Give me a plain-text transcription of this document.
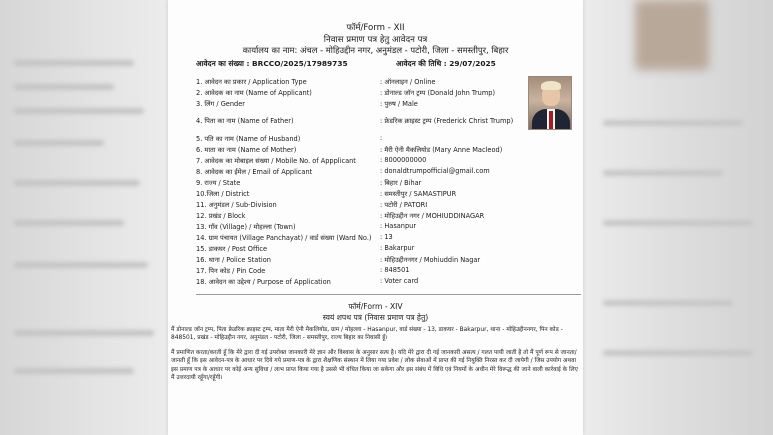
फॉर्म/Form - XII
निवास प्रमाण पत्र हेतु आवेदन पत्र
कार्यालय का नाम: अंचल - मोहिउद्दीन नगर, अनुमंडल - पटोरी, जिला - समस्तीपुर, बिहार
आवेदन का संख्या : BRCCO/2025/17989735	आवेदन की तिथि : 29/07/2025
1. आवेदन का प्रकार / Application Type	: ऑनलाइन / Online
2. आवेदक का नाम (Name of Applicant)	: डोनाल्ड जॉन ट्रम्प (Donald John Trump)
3. लिंग / Gender	: पुरुष / Male
4. पिता का नाम (Name of Father)	: फ्रेडरिक क्राइस्ट ट्रम्प (Frederick Christ Trump)
5. पति का नाम (Name of Husband)	:
6. माता का नाम (Name of Mother)	: मैरी ऐनी मैकलियोड (Mary Anne Macleod)
7. आवेदक का मोबाइल संख्या / Mobile No. of Appplicant	: 8000000000
8. आवेदक का ईमेल / Email of Applicant	: donaldtrumpofficial@gmail.com
9. राज्य / State	: बिहार / Bihar
10.जिला / District	: समस्तीपुर / SAMASTIPUR
11. अनुमंडल / Sub-Division	: पटोरी / PATORI
12. प्रखंड / Block	: मोहिउद्दीन नगर / MOHIUDDINAGAR
13. गाँव (Village) / मोहल्ला (Town)	: Hasanpur
14. ग्राम पंचायत (Village Panchayat) / वार्ड संख्या (Ward No.) : 13
15. डाकघर / Post Office	: Bakarpur
16. थाना / Police Station	: मोहिउद्दीननगर / Mohiuddin Nagar
17. पिन कोड / Pin Code	: 848501
18. आवेदन का उद्देश्य / Purpose of Application	: Voter card
फॉर्म/Form - XIV
स्वयं शपथ पत्र (निवास प्रमाण पत्र हेतु)
मैं डोनाल्ड जॉन ट्रम्प, पिता फ्रेडरिक क्राइस्ट ट्रम्प, माता मैरी ऐनी मैकलियोड, ग्राम / मोहल्ला - Hasanpur, वार्ड संख्या - 13, डाकघर - Bakarpur, थाना - मोहिउद्दीननगर, पिन कोड - 848501, प्रखंड - मोहिउद्दीन नगर, अनुमंडल - पटोरी, जिला - समस्तीपुर, राज्य बिहार का निवासी हूँ।
मैं प्रमाणित करता/करती हूँ कि मेरे द्वारा दी गई उपरोक्त जानकारी मेरे ज्ञान और विश्वास के अनुसार सत्य है। यदि मेरे द्वारा दी गई जानकारी असत्य / गलत पायी जाती है तो मैं पूर्ण रूप से जानता/जानती हूँ कि इस आवेदन-पत्र के आधार पर दिये गये प्रमाण-पत्र के द्वारा शैक्षणिक संस्थान में लिया गया प्रवेश / लोक सेवाओं में प्राप्त की गई नियुक्ति निरस्त कर दी जायेगी / जिस उपयोग अथवा इस प्रमाण पत्र के आधार पर कोई अन्य सुविधा / लाभ प्राप्त किया गया है उससे भी वंचित किया जा सकेगा और इस संबंध में विधि एवं नियमों के अधीन मेरे विरूद्ध की जाने वाली कार्रवाई के लिए मैं उत्तरदायी रहूँगा/रहूँगी।
